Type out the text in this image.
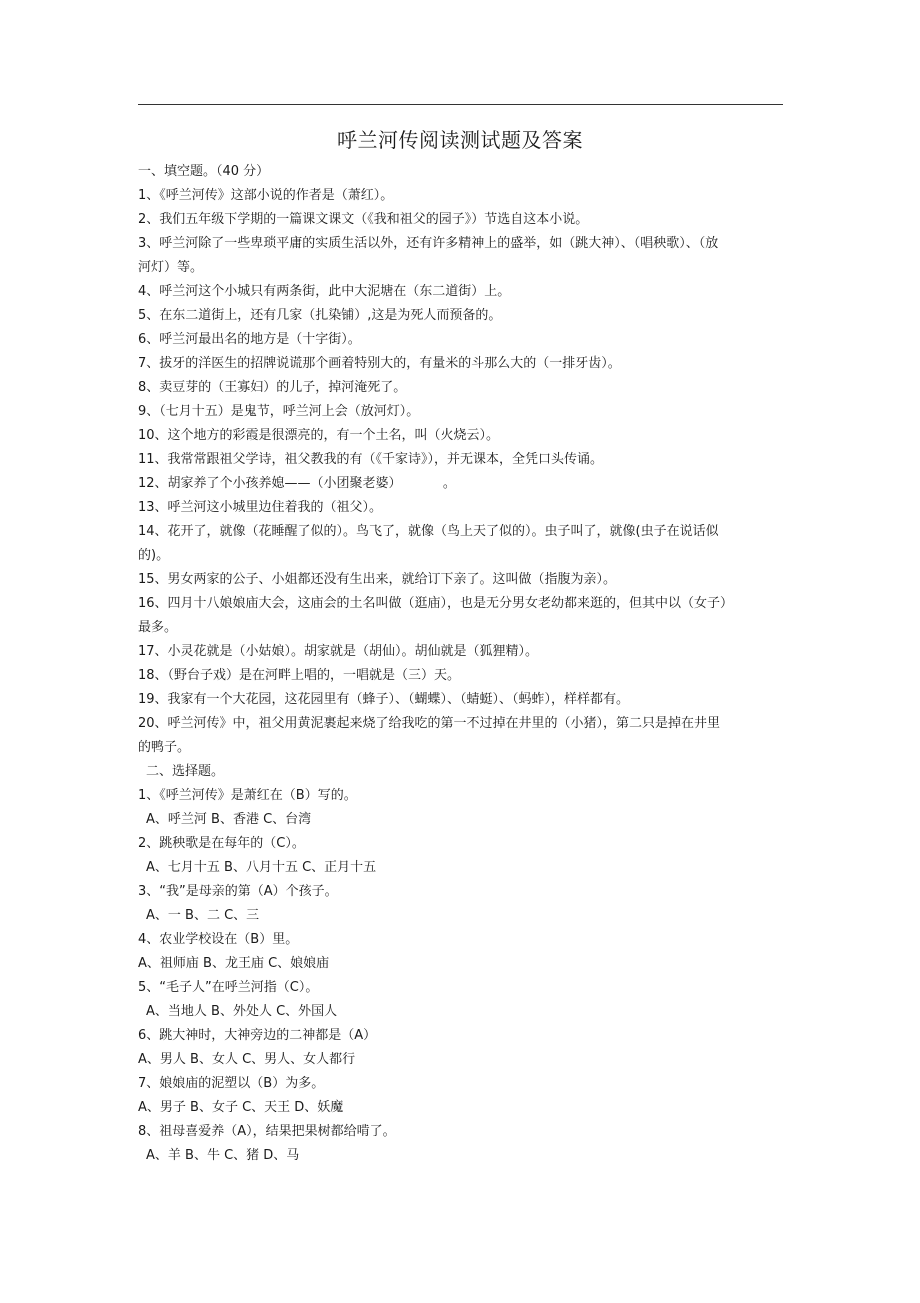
呼兰河传阅读测试题及答案
一、填空题。（40 分）
1、《呼兰河传》这部小说的作者是（萧红）。
2、我们五年级下学期的一篇课文课文（《我和祖父的园子》）节选自这本小说。
3、呼兰河除了一些卑琐平庸的实质生活以外，还有许多精神上的盛举，如（跳大神）、（唱秧歌）、（放河灯）等。
4、呼兰河这个小城只有两条街，此中大泥塘在（东二道街）上。
5、在东二道街上，还有几家（扎染铺）,这是为死人而预备的。
6、呼兰河最出名的地方是（十字街）。
7、拔牙的洋医生的招牌说谎那个画着特别大的，有量米的斗那么大的（一排牙齿）。
8、卖豆芽的（王寡妇）的儿子，掉河淹死了。
9、（七月十五）是鬼节，呼兰河上会（放河灯）。
10、这个地方的彩霞是很漂亮的，有一个土名，叫（火烧云）。
11、我常常跟祖父学诗，祖父教我的有（《千家诗》），并无课本，全凭口头传诵。
12、胡家养了个小孩养媳——（小团聚老婆）          。
13、呼兰河这小城里边住着我的（祖父）。
14、花开了，就像（花睡醒了似的）。鸟飞了，就像（鸟上天了似的）。虫子叫了，就像(虫子在说话似的)。
15、男女两家的公子、小姐都还没有生出来，就给订下亲了。这叫做（指腹为亲）。
16、四月十八娘娘庙大会，这庙会的土名叫做（逛庙），也是无分男女老幼都来逛的，但其中以（女子）最多。
17、小灵花就是（小姑娘）。胡家就是（胡仙）。胡仙就是（狐狸精）。
18、（野台子戏）是在河畔上唱的，一唱就是（三）天。
19、我家有一个大花园，这花园里有（蜂子）、（蝴蝶）、（蜻蜓）、（蚂蚱），样样都有。
20、呼兰河传》中，祖父用黄泥裹起来烧了给我吃的第一不过掉在井里的（小猪），第二只是掉在井里的鸭子。
二、选择题。
1、《呼兰河传》是萧红在（B）写的。
A、呼兰河 B、香港 C、台湾
2、跳秧歌是在每年的（C）。
A、七月十五 B、八月十五 C、正月十五
3、“我”是母亲的第（A）个孩子。
A、一 B、二 C、三
4、农业学校设在（B）里。
A、祖师庙 B、龙王庙 C、娘娘庙
5、“毛子人”在呼兰河指（C）。
A、当地人 B、外处人 C、外国人
6、跳大神时，大神旁边的二神都是（A）
A、男人 B、女人 C、男人、女人都行
7、娘娘庙的泥塑以（B）为多。
A、男子 B、女子 C、天王 D、妖魔
8、祖母喜爱养（A），结果把果树都给啃了。
A、羊 B、牛 C、猪 D、马
